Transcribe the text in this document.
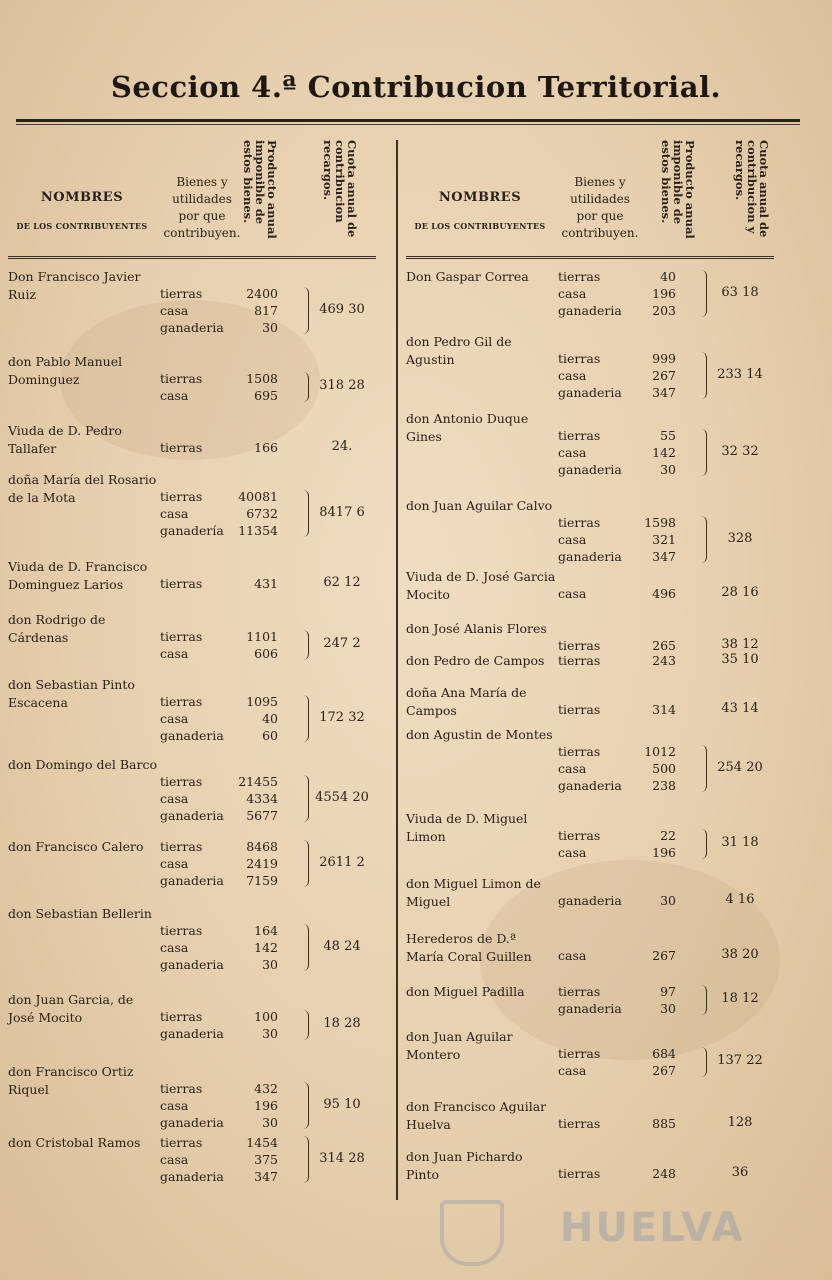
Seccion 4.ª Contribucion Territorial.
NOMBRES
DE LOS CONTRIBUYENTES
Bienes y utilidades por que contribuyen.	Producto anual imponible de estos bienes.	Cuota anual de contribucion recargos.
Don Francisco Javier Ruiz	tierras	2400
casa	817
ganaderia	30
469 30
don Pablo Manuel Dominguez	tierras	1508
casa	695
318 28
Viuda de D. Pedro Tallafer	tierras	166	24.
doña María del Rosario de la Mota	tierras	40081
casa	6732
ganadería	11354
8417 6
Viuda de D. Francisco Dominguez Larios	tierras	431	62 12
don Rodrigo de Cárdenas	tierras	1101
casa	606
247 2
don Sebastian Pinto Escacena	tierras	1095
casa	40
ganaderia	60
172 32
don Domingo del Barco
tierras	21455
casa	4334
ganaderia	5677
4554 20
don Francisco Calero	tierras	8468
casa	2419
ganaderia	7159
2611 2
don Sebastian Bellerin
tierras	164
casa	142
ganaderia	30
48 24
don Juan Garcia, de José Mocito	tierras	100
ganaderia	30
18 28
don Francisco Ortiz Riquel	tierras	432
casa	196
ganaderia	30
95 10
don Cristobal Ramos	tierras	1454
casa	375
ganaderia	347
314 28
NOMBRES
DE LOS CONTRIBUYENTES
Bienes y utilidades por que contribuyen.	Producto anual imponible de estos bienes.	Cuota anual de contribucion y recargos.
Don Gaspar Correa	tierras	40
casa	196
ganaderia	203
63 18
don Pedro Gil de Agustin	tierras	999
casa	267
ganaderia	347
233 14
don Antonio Duque Gines	tierras	55
casa	142
ganaderia	30
32 32
don Juan Aguilar Calvo
tierras	1598
casa	321
ganaderia	347
328
Viuda de D. José Garcia Mocito	casa	496	28 16
don José Alanis Flores
tierras	265	38 12
don Pedro de Campos	tierras	243	35 10
doña Ana María de Campos	tierras	314	43 14
don Agustin de Montes
tierras	1012
casa	500
ganaderia	238
254 20
Viuda de D. Miguel Limon	tierras	22
casa	196
31 18
don Miguel Limon de Miguel	ganaderia	30	4 16
Herederos de D.ª María Coral Guillen	casa	267	38 20
don Miguel Padilla	tierras	97
ganaderia	30
18 12
don Juan Aguilar Montero	tierras	684
casa	267
137 22
don Francisco Aguilar Huelva	tierras	885	128
don Juan Pichardo Pinto	tierras	248	36
HUELVA
